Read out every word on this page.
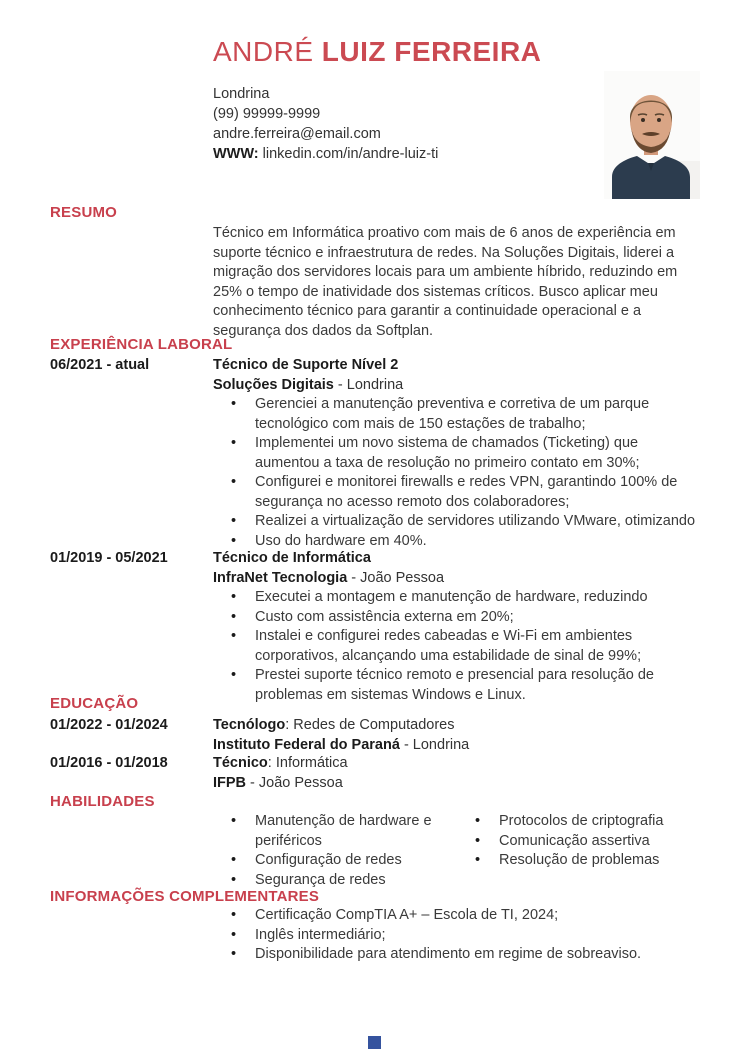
ANDRÉ LUIZ FERREIRA
Londrina
(99) 99999-9999
andre.ferreira@email.com
WWW: linkedin.com/in/andre-luiz-ti
RESUMO
Técnico em Informática proativo com mais de 6 anos de experiência em suporte técnico e infraestrutura de redes. Na Soluções Digitais, liderei a migração dos servidores locais para um ambiente híbrido, reduzindo em 25% o tempo de inatividade dos sistemas críticos. Busco aplicar meu conhecimento técnico para garantir a continuidade operacional e a segurança dos dados da Softplan.
EXPERIÊNCIA LABORAL
06/2021 - atual	Técnico de Suporte Nível 2
Soluções Digitais - Londrina
• Gerenciei a manutenção preventiva e corretiva de um parque tecnológico com mais de 150 estações de trabalho;
• Implementei um novo sistema de chamados (Ticketing) que aumentou a taxa de resolução no primeiro contato em 30%;
• Configurei e monitorei firewalls e redes VPN, garantindo 100% de segurança no acesso remoto dos colaboradores;
• Realizei a virtualização de servidores utilizando VMware, otimizando
• Uso do hardware em 40%.
01/2019 - 05/2021	Técnico de Informática
InfraNet Tecnologia - João Pessoa
• Executei a montagem e manutenção de hardware, reduzindo
• Custo com assistência externa em 20%;
• Instalei e configurei redes cabeadas e Wi-Fi em ambientes corporativos, alcançando uma estabilidade de sinal de 99%;
• Prestei suporte técnico remoto e presencial para resolução de problemas em sistemas Windows e Linux.
EDUCAÇÃO
01/2022 - 01/2024	Tecnólogo: Redes de Computadores
Instituto Federal do Paraná - Londrina
01/2016 - 01/2018	Técnico: Informática
IFPB - João Pessoa
HABILIDADES
• Manutenção de hardware e periféricos
• Configuração de redes
• Segurança de redes
• Protocolos de criptografia
• Comunicação assertiva
• Resolução de problemas
INFORMAÇÕES COMPLEMENTARES
• Certificação CompTIA A+ – Escola de TI, 2024;
• Inglês intermediário;
• Disponibilidade para atendimento em regime de sobreaviso.
